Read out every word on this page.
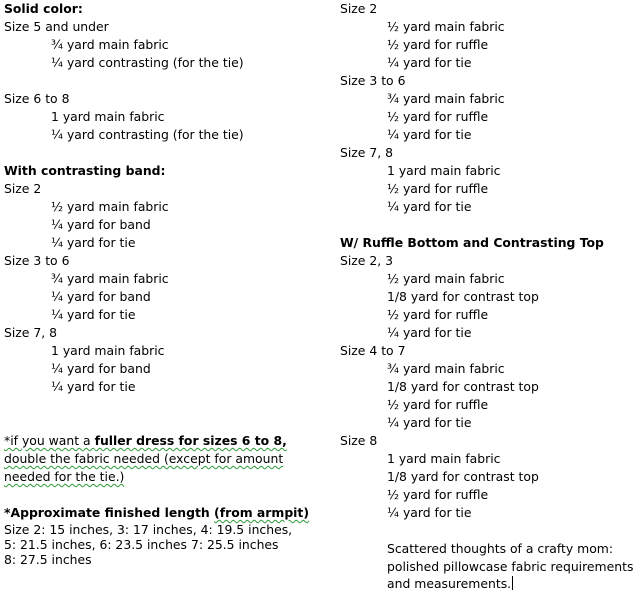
Solid color:
Size 5 and under
¾ yard main fabric
¼ yard contrasting (for the tie)
Size 6 to 8
1 yard main fabric
¼ yard contrasting (for the tie)
With contrasting band:
Size 2
½ yard main fabric
¼ yard for band
¼ yard for tie
Size 3 to 6
¾ yard main fabric
¼ yard for band
¼ yard for tie
Size 7, 8
1 yard main fabric
¼ yard for band
¼ yard for tie
*if you want a fuller dress for sizes 6 to 8,
double the fabric needed (except for amount
needed for the tie.)
*Approximate finished length (from armpit)
Size 2: 15 inches, 3: 17 inches, 4: 19.5 inches,
5: 21.5 inches, 6: 23.5 inches 7: 25.5 inches
8: 27.5 inches
Size 2
½ yard main fabric
½ yard for ruffle
¼ yard for tie
Size 3 to 6
¾ yard main fabric
½ yard for ruffle
¼ yard for tie
Size 7, 8
1 yard main fabric
½ yard for ruffle
¼ yard for tie
W/ Ruffle Bottom and Contrasting Top
Size 2, 3
½ yard main fabric
1/8 yard for contrast top
½ yard for ruffle
¼ yard for tie
Size 4 to 7
¾ yard main fabric
1/8 yard for contrast top
½ yard for ruffle
¼ yard for tie
Size 8
1 yard main fabric
1/8 yard for contrast top
½ yard for ruffle
¼ yard for tie
Scattered thoughts of a crafty mom:
polished pillowcase fabric requirements
and measurements.
